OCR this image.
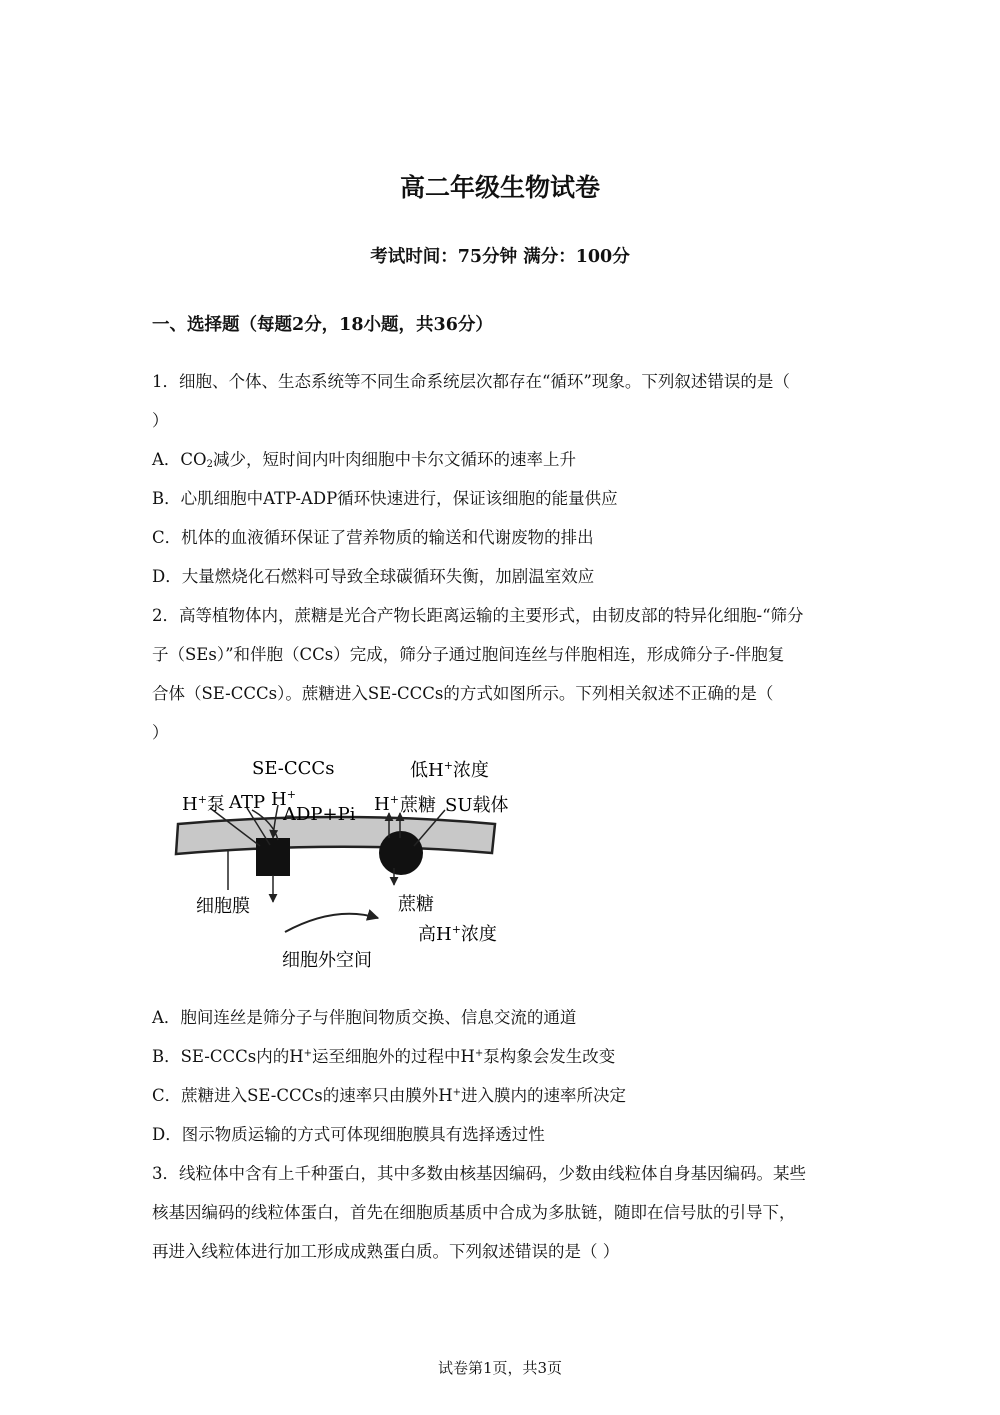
高二年级生物试卷
考试时间：75分钟 满分：100分
一、选择题（每题2分，18小题，共36分）
1．细胞、个体、生态系统等不同生命系统层次都存在“循环”现象。下列叙述错误的是（
）
A．$CO_2$减少，短时间内叶肉细胞中卡尔文循环的速率上升
B．心肌细胞中ATP-ADP循环快速进行，保证该细胞的能量供应
C．机体的血液循环保证了营养物质的输送和代谢废物的排出
D．大量燃烧化石燃料可导致全球碳循环失衡，加剧温室效应
2．高等植物体内，蔗糖是光合产物长距离运输的主要形式，由韧皮部的特异化细胞-“筛分
子（SEs）”和伴胞（CCs）完成，筛分子通过胞间连丝与伴胞相连，形成筛分子-伴胞复
合体（SE-CCCs）。蔗糖进入SE-CCCs的方式如图所示。下列相关叙述不正确的是（
）
SE-CCCs	低H+浓度
H+泵 ATP H+
ADP+Pi H+ 蔗糖 SU载体
细胞膜	蔗糖
高H+浓度
细胞外空间
A．胞间连丝是筛分子与伴胞间物质交换、信息交流的通道
B．SE-CCCs内的H+运至细胞外的过程中H+泵构象会发生改变
C．蔗糖进入SE-CCCs的速率只由膜外H+进入膜内的速率所决定
D．图示物质运输的方式可体现细胞膜具有选择透过性
3．线粒体中含有上千种蛋白，其中多数由核基因编码，少数由线粒体自身基因编码。某些
核基因编码的线粒体蛋白，首先在细胞质基质中合成为多肽链，随即在信号肽的引导下，
再进入线粒体进行加工形成成熟蛋白质。下列叙述错误的是（ ）
试卷第1页，共3页
